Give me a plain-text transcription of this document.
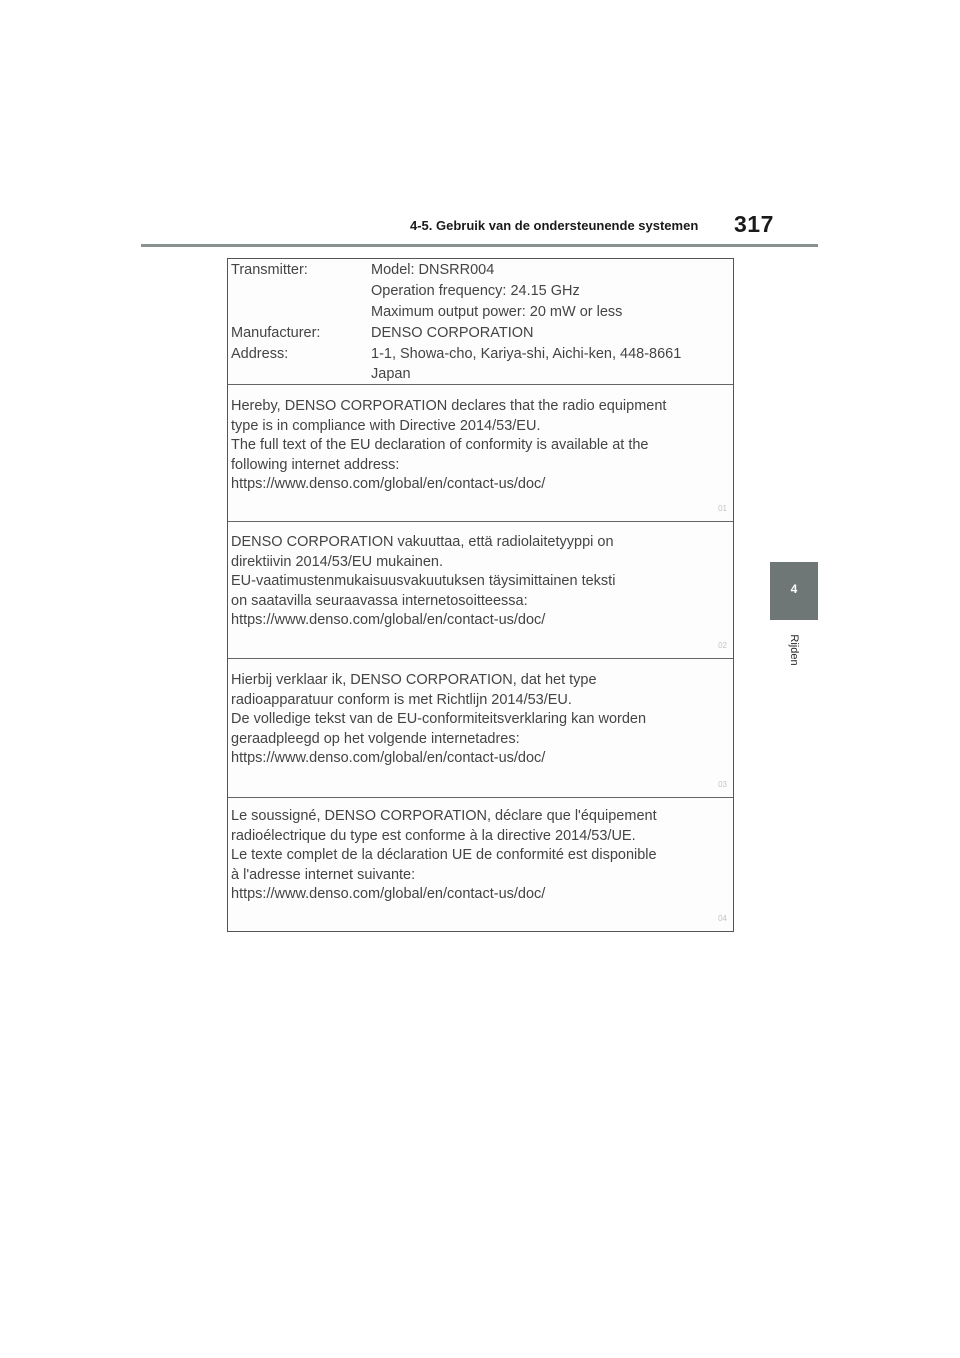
4-5. Gebruik van de ondersteunende systemen 317
4
Rijden
Transmitter:	Model: DNSRR004
Operation frequency: 24.15 GHz
Maximum output power: 20 mW or less
Manufacturer:	DENSO CORPORATION
Address:	1-1, Showa-cho, Kariya-shi, Aichi-ken, 448-8661
Japan
Hereby, DENSO CORPORATION declares that the radio equipment
type is in compliance with Directive 2014/53/EU.
The full text of the EU declaration of conformity is available at the
following internet address:
https://www.denso.com/global/en/contact-us/doc/
01
DENSO CORPORATION vakuuttaa, että radiolaitetyyppi on
direktiivin 2014/53/EU mukainen.
EU-vaatimustenmukaisuusvakuutuksen täysimittainen teksti
on saatavilla seuraavassa internetosoitteessa:
https://www.denso.com/global/en/contact-us/doc/
02
Hierbij verklaar ik, DENSO CORPORATION, dat het type
radioapparatuur conform is met Richtlijn 2014/53/EU.
De volledige tekst van de EU-conformiteitsverklaring kan worden
geraadpleegd op het volgende internetadres:
https://www.denso.com/global/en/contact-us/doc/
03
Le soussigné, DENSO CORPORATION, déclare que l'équipement
radioélectrique du type est conforme à la directive 2014/53/UE.
Le texte complet de la déclaration UE de conformité est disponible
à l'adresse internet suivante:
https://www.denso.com/global/en/contact-us/doc/
04
